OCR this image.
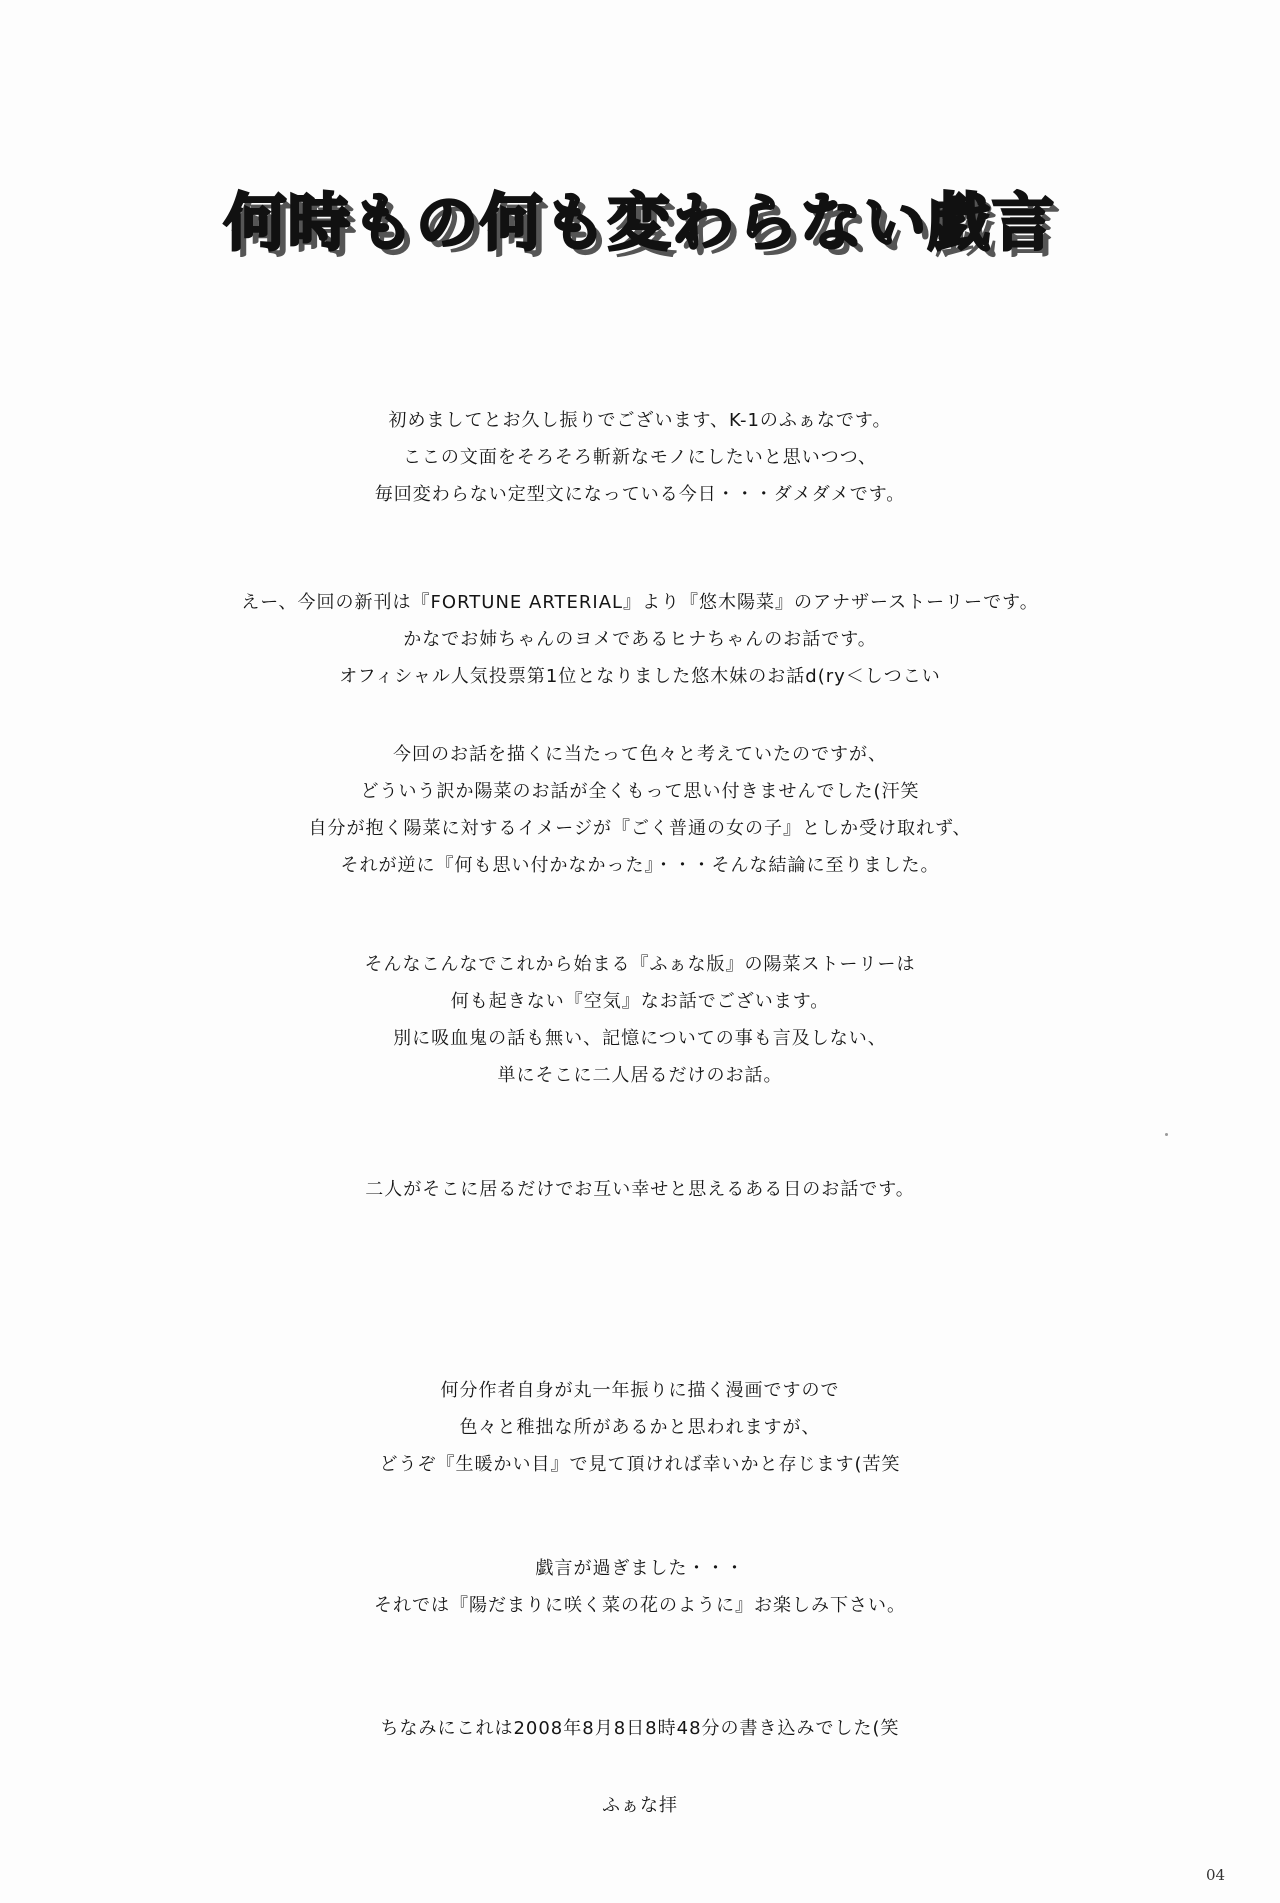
何時もの何も変わらない戯言
初めましてとお久し振りでございます、K-1のふぁなです。
ここの文面をそろそろ斬新なモノにしたいと思いつつ、
毎回変わらない定型文になっている今日・・・ダメダメです。
えー、今回の新刊は『FORTUNE ARTERIAL』より『悠木陽菜』のアナザーストーリーです。
かなでお姉ちゃんのヨメであるヒナちゃんのお話です。
オフィシャル人気投票第1位となりました悠木妹のお話d(ry＜しつこい
今回のお話を描くに当たって色々と考えていたのですが、
どういう訳か陽菜のお話が全くもって思い付きませんでした(汗笑
自分が抱く陽菜に対するイメージが『ごく普通の女の子』としか受け取れず、
それが逆に『何も思い付かなかった』・・・そんな結論に至りました。
そんなこんなでこれから始まる『ふぁな版』の陽菜ストーリーは
何も起きない『空気』なお話でございます。
別に吸血鬼の話も無い、記憶についての事も言及しない、
単にそこに二人居るだけのお話。
二人がそこに居るだけでお互い幸せと思えるある日のお話です。
何分作者自身が丸一年振りに描く漫画ですので
色々と稚拙な所があるかと思われますが、
どうぞ『生暖かい目』で見て頂ければ幸いかと存じます(苦笑
戯言が過ぎました・・・
それでは『陽だまりに咲く菜の花のように』お楽しみ下さい。
ちなみにこれは2008年8月8日8時48分の書き込みでした(笑
ふぁな拝
04
